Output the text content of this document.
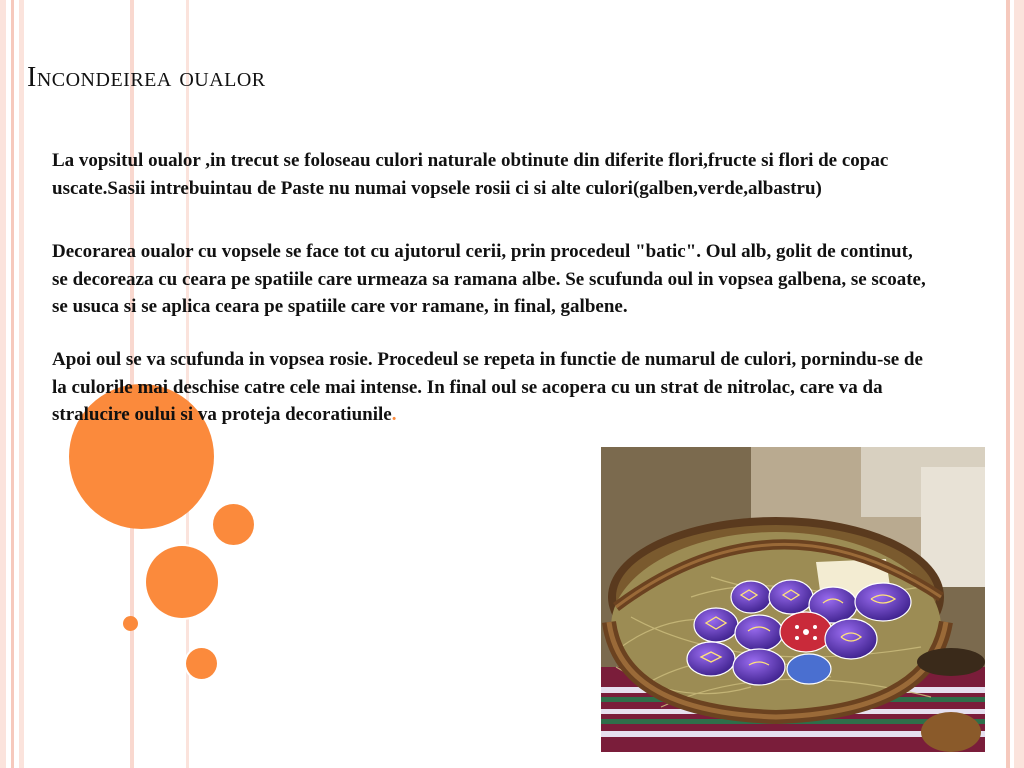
Incondeirea oualor
La vopsitul oualor ,in trecut se foloseau culori naturale obtinute din diferite flori,fructe si flori de copac uscate.Sasii intrebuintau de Paste nu numai vopsele rosii ci si alte culori(galben,verde,albastru)
Decorarea oualor cu vopsele se face tot cu ajutorul cerii, prin procedeul "batic". Oul alb, golit de continut, se decoreaza cu ceara pe spatiile care urmeaza sa ramana albe. Se scufunda oul in vopsea galbena, se scoate, se usuca si se aplica ceara pe spatiile care vor ramane, in final, galbene.
Apoi oul se va scufunda in vopsea rosie. Procedeul se repeta in functie de numarul de culori, pornindu-se de la culorile mai deschise catre cele mai intense. In final oul se acopera cu un strat de nitrolac, care va da stralucire oului si va proteja decoratiunile.
